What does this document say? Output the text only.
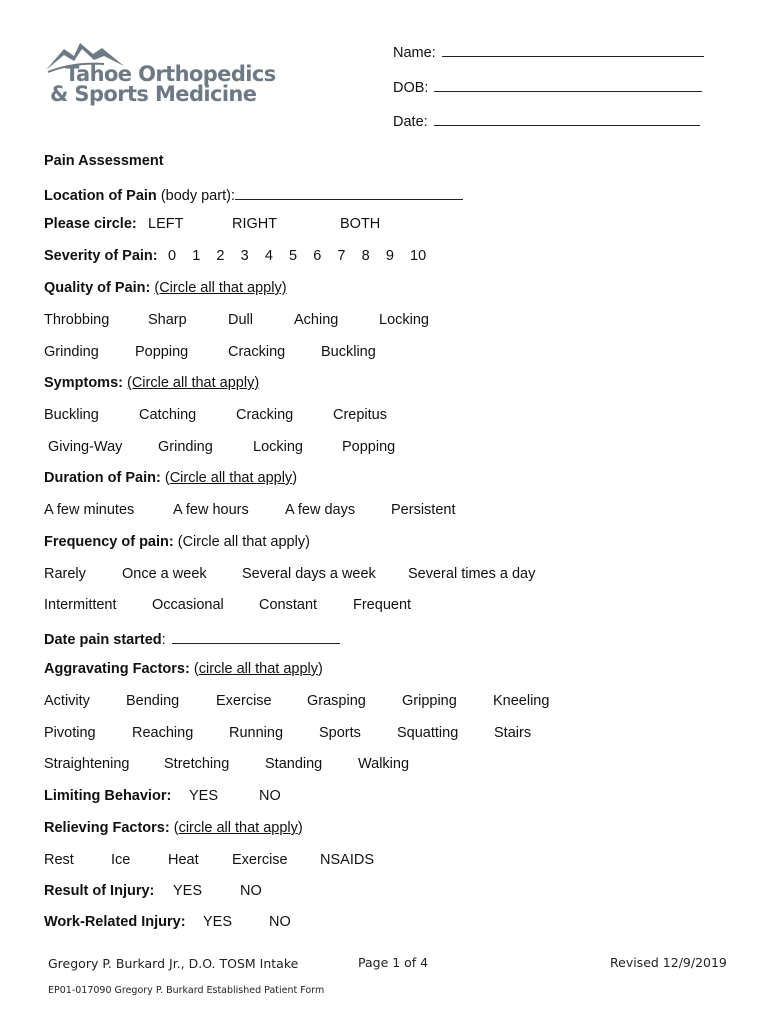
Tahoe Orthopedics
& Sports Medicine
Name:
DOB:
Date:
Pain Assessment
Location of Pain (body part):
Please circle: LEFT	RIGHT	BOTH
Severity of Pain: 0 1 2 3 4 5 6 7 8 9 10
Quality of Pain: (Circle all that apply)
Throbbing	Sharp	Dull	Aching	Locking
Grinding Popping	Cracking Buckling
Symptoms: (Circle all that apply)
Buckling	Catching	Cracking	Crepitus
Giving-Way Grinding	Locking	Popping
Duration of Pain: (Circle all that apply)
A few minutes	A few hours A few days Persistent
Frequency of pain: (Circle all that apply)
Rarely Once a week Several days a week Several times a day
Intermittent Occasional Constant Frequent
Date pain started:
Aggravating Factors: (circle all that apply)
Activity Bending	Exercise Grasping Gripping Kneeling
Pivoting	Reaching Running Sports Squatting Stairs
Straightening Stretching Standing Walking
Limiting Behavior: YES	NO
Relieving Factors: (circle all that apply)
Rest	Ice	Heat Exercise NSAIDS
Result of Injury: YES	NO
Work-Related Injury: YES	NO
Gregory P. Burkard Jr., D.O. TOSM Intake	Page 1 of 4	Revised 12/9/2019
EP01-017090 Gregory P. Burkard Established Patient Form
